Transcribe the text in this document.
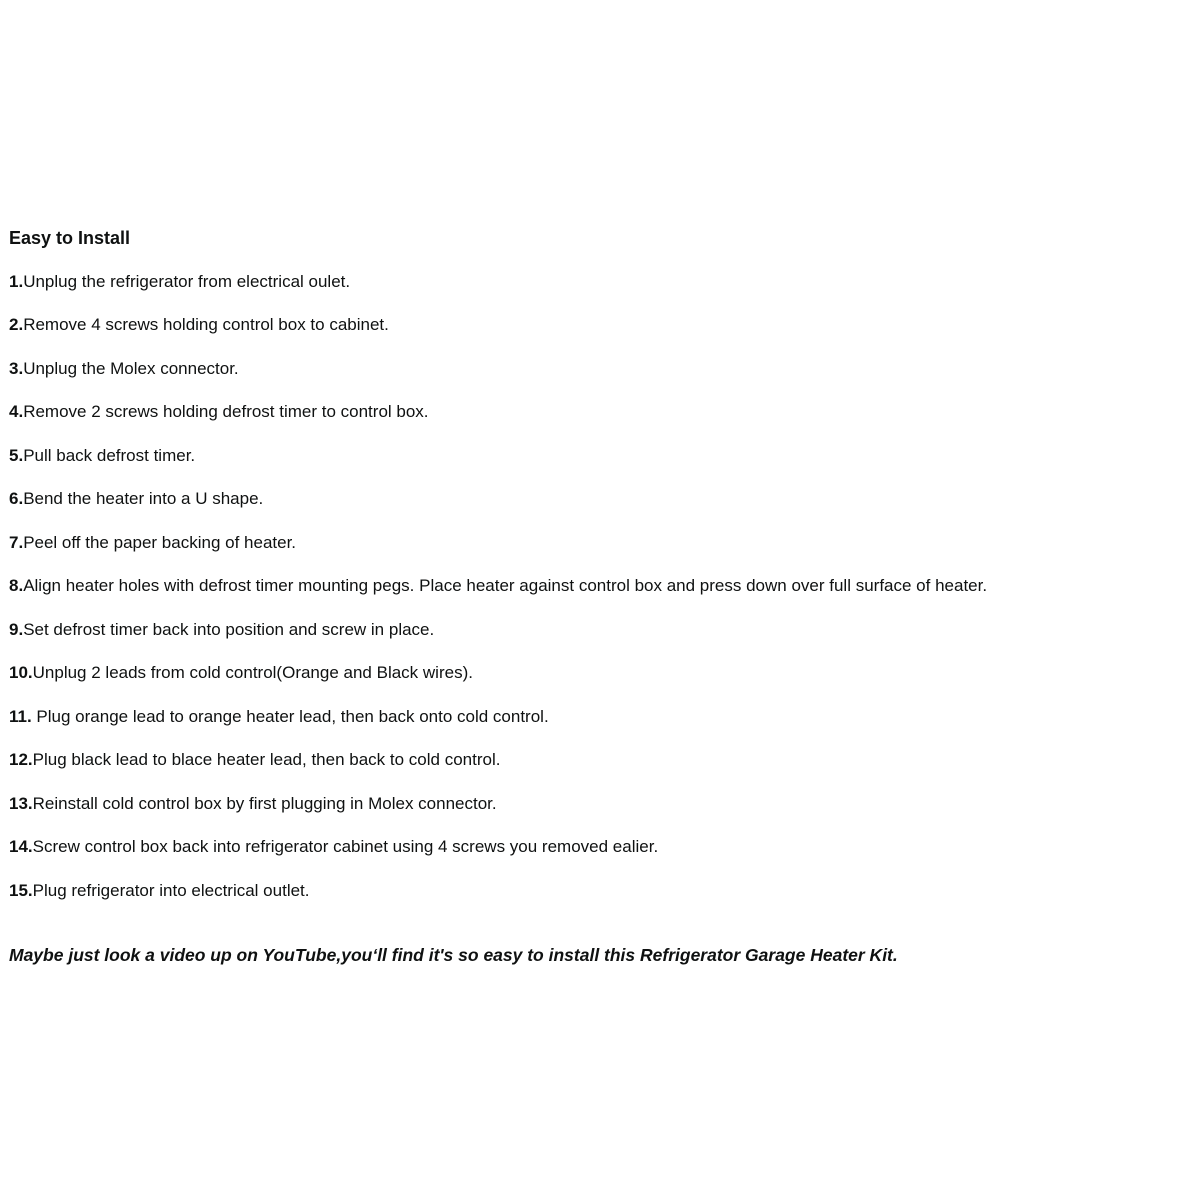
Easy to Install
1.Unplug the refrigerator from electrical oulet.
2.Remove 4 screws holding control box to cabinet.
3.Unplug the Molex connector.
4.Remove 2 screws holding defrost timer to control box.
5.Pull back defrost timer.
6.Bend the heater into a U shape.
7.Peel off the paper backing of heater.
8.Align heater holes with defrost timer mounting pegs. Place heater against control box and press down over full surface of heater.
9.Set defrost timer back into position and screw in place.
10.Unplug 2 leads from cold control(Orange and Black wires).
11. Plug orange lead to orange heater lead, then back onto cold control.
12.Plug black lead to blace heater lead, then back to cold control.
13.Reinstall cold control box by first plugging in Molex connector.
14.Screw control box back into refrigerator cabinet using 4 screws you removed ealier.
15.Plug refrigerator into electrical outlet.
Maybe just look a video up on YouTube,you‘ll find it's so easy to install this Refrigerator Garage Heater Kit.
